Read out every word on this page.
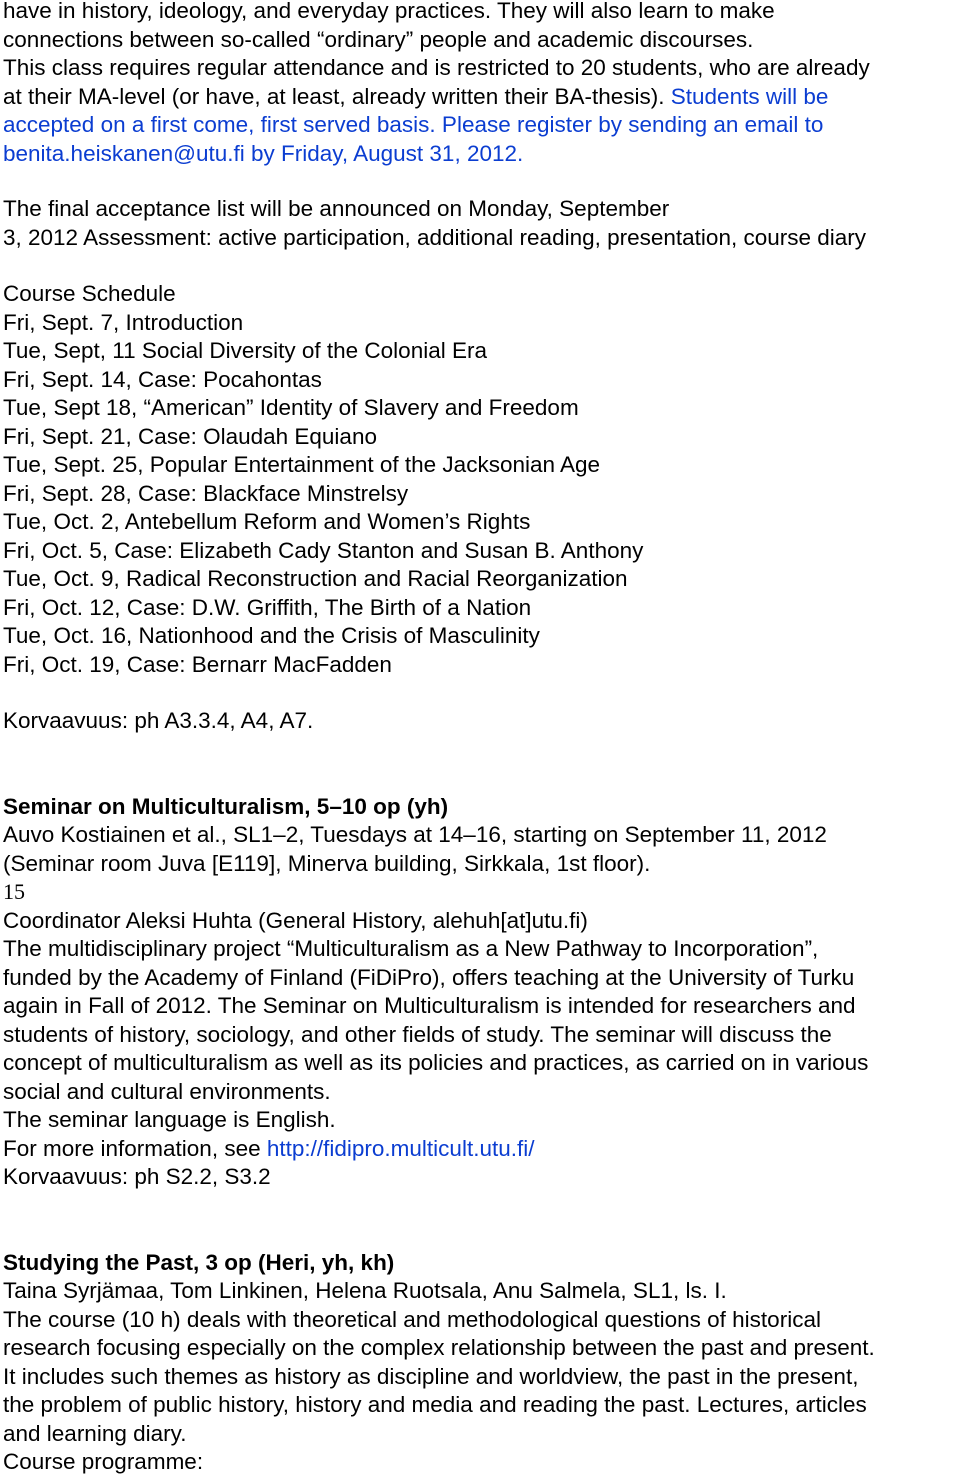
have in history, ideology, and everyday practices. They will also learn to make
connections between so-called “ordinary” people and academic discourses.
This class requires regular attendance and is restricted to 20 students, who are already
at their MA-level (or have, at least, already written their BA-thesis). Students will be
accepted on a first come, first served basis. Please register by sending an email to
benita.heiskanen@utu.fi by Friday, August 31, 2012.
The final acceptance list will be announced on Monday, September
3, 2012 Assessment: active participation, additional reading, presentation, course diary
Course Schedule
Fri, Sept. 7, Introduction
Tue, Sept, 11 Social Diversity of the Colonial Era
Fri, Sept. 14, Case: Pocahontas
Tue, Sept 18, “American” Identity of Slavery and Freedom
Fri, Sept. 21, Case: Olaudah Equiano
Tue, Sept. 25, Popular Entertainment of the Jacksonian Age
Fri, Sept. 28, Case: Blackface Minstrelsy
Tue, Oct. 2, Antebellum Reform and Women’s Rights
Fri, Oct. 5, Case: Elizabeth Cady Stanton and Susan B. Anthony
Tue, Oct. 9, Radical Reconstruction and Racial Reorganization
Fri, Oct. 12, Case: D.W. Griffith, The Birth of a Nation
Tue, Oct. 16, Nationhood and the Crisis of Masculinity
Fri, Oct. 19, Case: Bernarr MacFadden
Korvaavuus: ph A3.3.4, A4, A7.
Seminar on Multiculturalism, 5–10 op (yh)
Auvo Kostiainen et al., SL1–2, Tuesdays at 14–16, starting on September 11, 2012
(Seminar room Juva [E119], Minerva building, Sirkkala, 1st floor).
15
Coordinator Aleksi Huhta (General History, alehuh[at]utu.fi)
The multidisciplinary project “Multiculturalism as a New Pathway to Incorporation”,
funded by the Academy of Finland (FiDiPro), offers teaching at the University of Turku
again in Fall of 2012. The Seminar on Multiculturalism is intended for researchers and
students of history, sociology, and other fields of study. The seminar will discuss the
concept of multiculturalism as well as its policies and practices, as carried on in various
social and cultural environments.
The seminar language is English.
For more information, see http://fidipro.multicult.utu.fi/
Korvaavuus: ph S2.2, S3.2
Studying the Past, 3 op (Heri, yh, kh)
Taina Syrjämaa, Tom Linkinen, Helena Ruotsala, Anu Salmela, SL1, ls. I.
The course (10 h) deals with theoretical and methodological questions of historical
research focusing especially on the complex relationship between the past and present.
It includes such themes as history as discipline and worldview, the past in the present,
the problem of public history, history and media and reading the past. Lectures, articles
and learning diary.
Course programme:
